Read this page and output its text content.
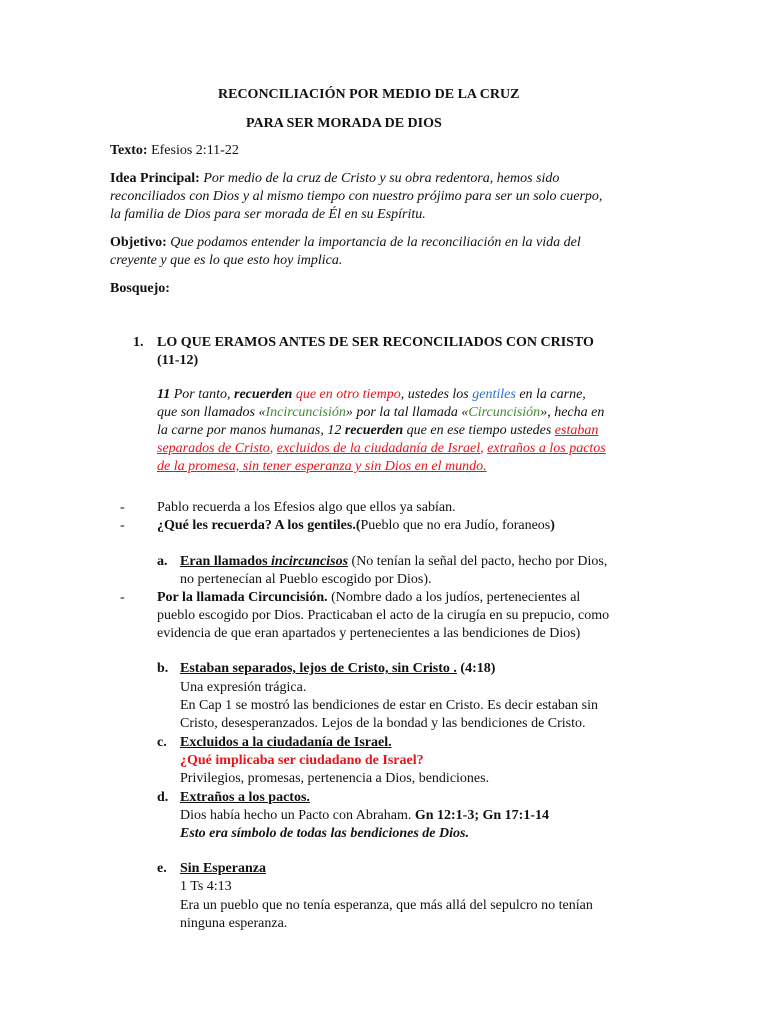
RECONCILIACIÓN POR MEDIO DE LA CRUZ
PARA SER MORADA DE DIOS
Texto: Efesios 2:11-22
Idea Principal: Por medio de la cruz de Cristo y su obra redentora, hemos sido
reconciliados con Dios y al mismo tiempo con nuestro prójimo para ser un solo cuerpo,
la familia de Dios para ser morada de Él en su Espíritu.
Objetivo: Que podamos entender la importancia de la reconciliación en la vida del
creyente y que es lo que esto hoy implica.
Bosquejo:
1. LO QUE ERAMOS ANTES DE SER RECONCILIADOS CON CRISTO
(11-12)
11 Por tanto, recuerden que en otro tiempo, ustedes los gentiles en la carne,
que son llamados «Incircuncisión» por la tal llamada «Circuncisión», hecha en
la carne por manos humanas, 12 recuerden que en ese tiempo ustedes estaban
separados de Cristo, excluidos de la ciudadanía de Israel, extraños a los pactos
de la promesa, sin tener esperanza y sin Dios en el mundo.
- Pablo recuerda a los Efesios algo que ellos ya sabían.
- ¿Qué les recuerda? A los gentiles.(Pueblo que no era Judío, foraneos)
a. Eran llamados incircuncisos (No tenían la señal del pacto, hecho por Dios,
no pertenecían al Pueblo escogido por Dios).
- Por la llamada Circuncisión. (Nombre dado a los judíos, pertenecientes al
pueblo escogido por Dios. Practicaban el acto de la cirugía en su prepucio, como
evidencia de que eran apartados y pertenecientes a las bendiciones de Dios)
b. Estaban separados, lejos de Cristo, sin Cristo . (4:18)
Una expresión trágica.
En Cap 1 se mostró las bendiciones de estar en Cristo. Es decir estaban sin
Cristo, desesperanzados. Lejos de la bondad y las bendiciones de Cristo.
c. Excluidos a la ciudadanía de Israel.
¿Qué implicaba ser ciudadano de Israel?
Privilegios, promesas, pertenencia a Dios, bendiciones.
d. Extraños a los pactos.
Dios había hecho un Pacto con Abraham. Gn 12:1-3; Gn 17:1-14
Esto era símbolo de todas las bendiciones de Dios.
e. Sin Esperanza
1 Ts 4:13
Era un pueblo que no tenía esperanza, que más allá del sepulcro no tenían
ninguna esperanza.
